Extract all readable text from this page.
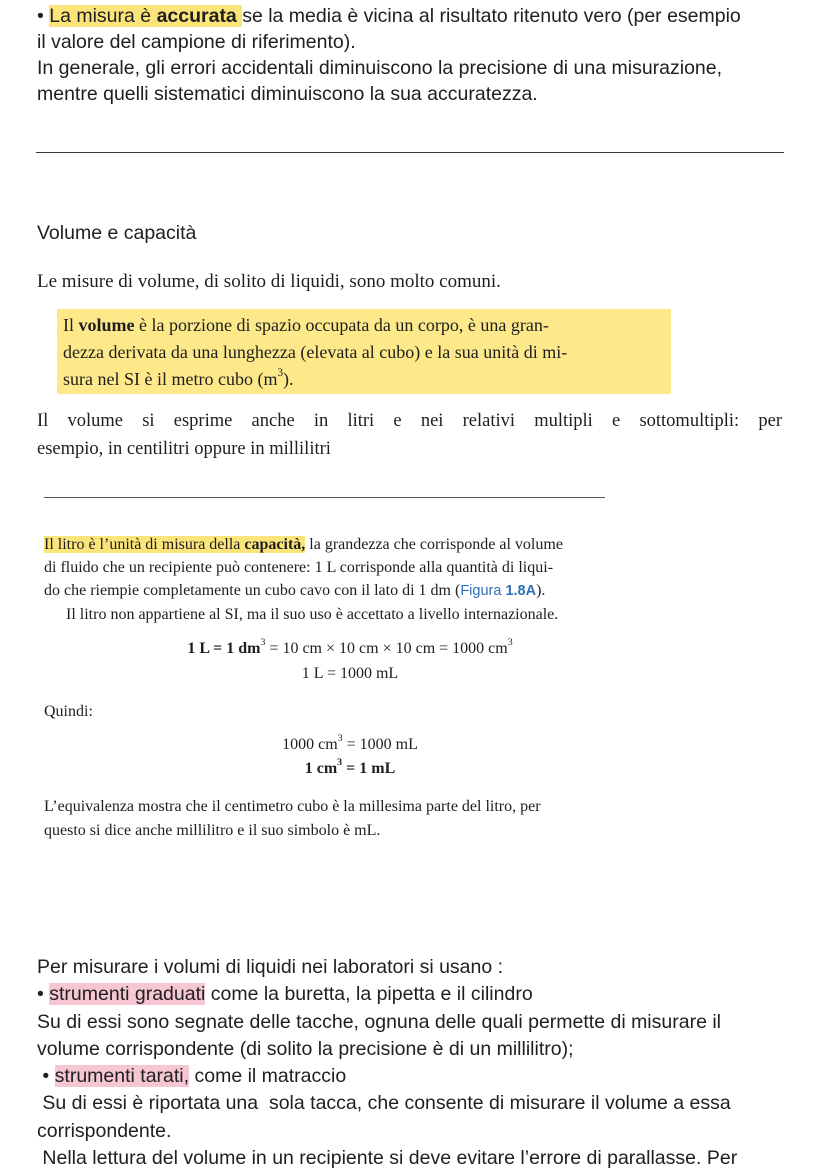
• La misura è accurata se la media è vicina al risultato ritenuto vero (per esempio
il valore del campione di riferimento).
In generale, gli errori accidentali diminuiscono la precisione di una misurazione,
mentre quelli sistematici diminuiscono la sua accuratezza.
Volume e capacità
Le misure di volume, di solito di liquidi, sono molto comuni.
Il volume è la porzione di spazio occupata da un corpo, è una gran-
dezza derivata da una lunghezza (elevata al cubo) e la sua unità di mi-
sura nel SI è il metro cubo $(m^3)$.
Il volume si esprime anche in litri e nei relativi multipli e sottomultipli: per
esempio, in centilitri oppure in millilitri
Il litro è l’unità di misura della capacità, la grandezza che corrisponde al volume
di fluido che un recipiente può contenere: 1 L corrisponde alla quantità di liqui-
do che riempie completamente un cubo cavo con il lato di 1 dm (Figura 1.8A).
Il litro non appartiene al SI, ma il suo uso è accettato a livello internazionale.
1 L = 1 $dm^3 = 10$ cm × 10 cm × 10 cm = 1000 $cm^3$
1 L = 1000 mL
Quindi:
1000 $cm^3 = 1000$ mL
1 $cm^3 = 1$ mL
L’equivalenza mostra che il centimetro cubo è la millesima parte del litro, per
questo si dice anche millilitro e il suo simbolo è mL.
Per misurare i volumi di liquidi nei laboratori si usano :
• strumenti graduati come la buretta, la pipetta e il cilindro
Su di essi sono segnate delle tacche, ognuna delle quali permette di misurare il
volume corrispondente (di solito la precisione è di un millilitro);
• strumenti tarati, come il matraccio
Su di essi è riportata una  sola tacca, che consente di misurare il volume a essa
corrispondente.
Nella lettura del volume in un recipiente si deve evitare l’errore di parallasse. Per
